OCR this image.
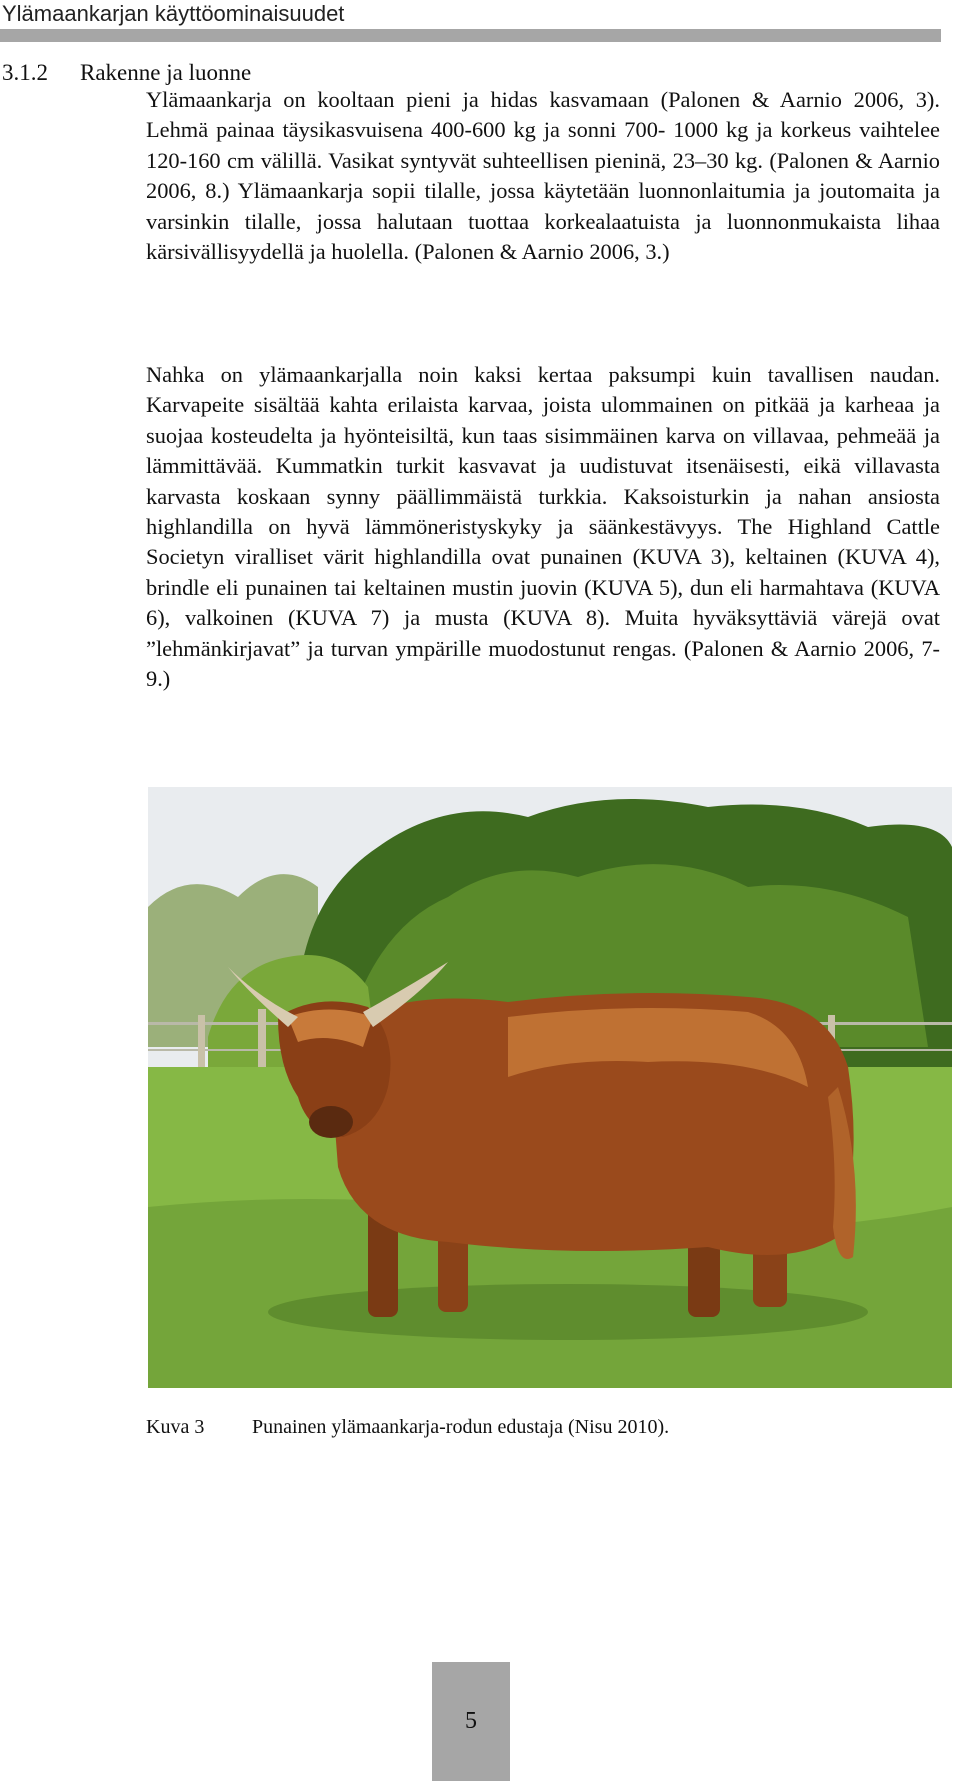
Ylämaankarjan käyttöominaisuudet
3.1.2 Rakenne ja luonne

Ylämaankarja on kooltaan pieni ja hidas kasvamaan (Palonen & Aarnio 2006, 3). Lehmä painaa täysikasvuisena 400-600 kg ja sonni 700- 1000 kg ja korkeus vaihtelee 120-160 cm välillä. Vasikat syntyvät suhteellisen pieninä, 23–30 kg. (Palonen & Aarnio 2006, 8.) Ylämaankarja sopii tilalle, jossa käytetään luonnonlaitumia ja joutomaita ja varsinkin tilalle, jossa halutaan tuottaa korkealaatuista ja luonnonmukaista lihaa kärsivällisyydellä ja huolella. (Palonen & Aarnio 2006, 3.)

Nahka on ylämaankarjalla noin kaksi kertaa paksumpi kuin tavallisen naudan. Karvapeite sisältää kahta erilaista karvaa, joista ulommainen on pitkää ja karheaa ja suojaa kosteudelta ja hyönteisiltä, kun taas sisimmäinen karva on villavaa, pehmeää ja lämmittävää. Kummatkin turkit kasvavat ja uudistuvat itsenäisesti, eikä villavasta karvasta koskaan synny päällimmäistä turkkia. Kaksoisturkin ja nahan ansiosta highlandilla on hyvä lämmöneristyskyky ja säänkestävyys. The Highland Cattle Societyn viralliset värit highlandilla ovat punainen (KUVA 3), keltainen (KUVA 4), brindle eli punainen tai keltainen mustin juovin (KUVA 5), dun eli harmahtava (KUVA 6), valkoinen (KUVA 7) ja musta (KUVA 8). Muita hyväksyttäviä värejä ovat ”lehmänkirjavat” ja turvan ympärille muodostunut rengas. (Palonen & Aarnio 2006, 7-9.)

Kuva 3 Punainen ylämaankarja-rodun edustaja (Nisu 2010).
5
